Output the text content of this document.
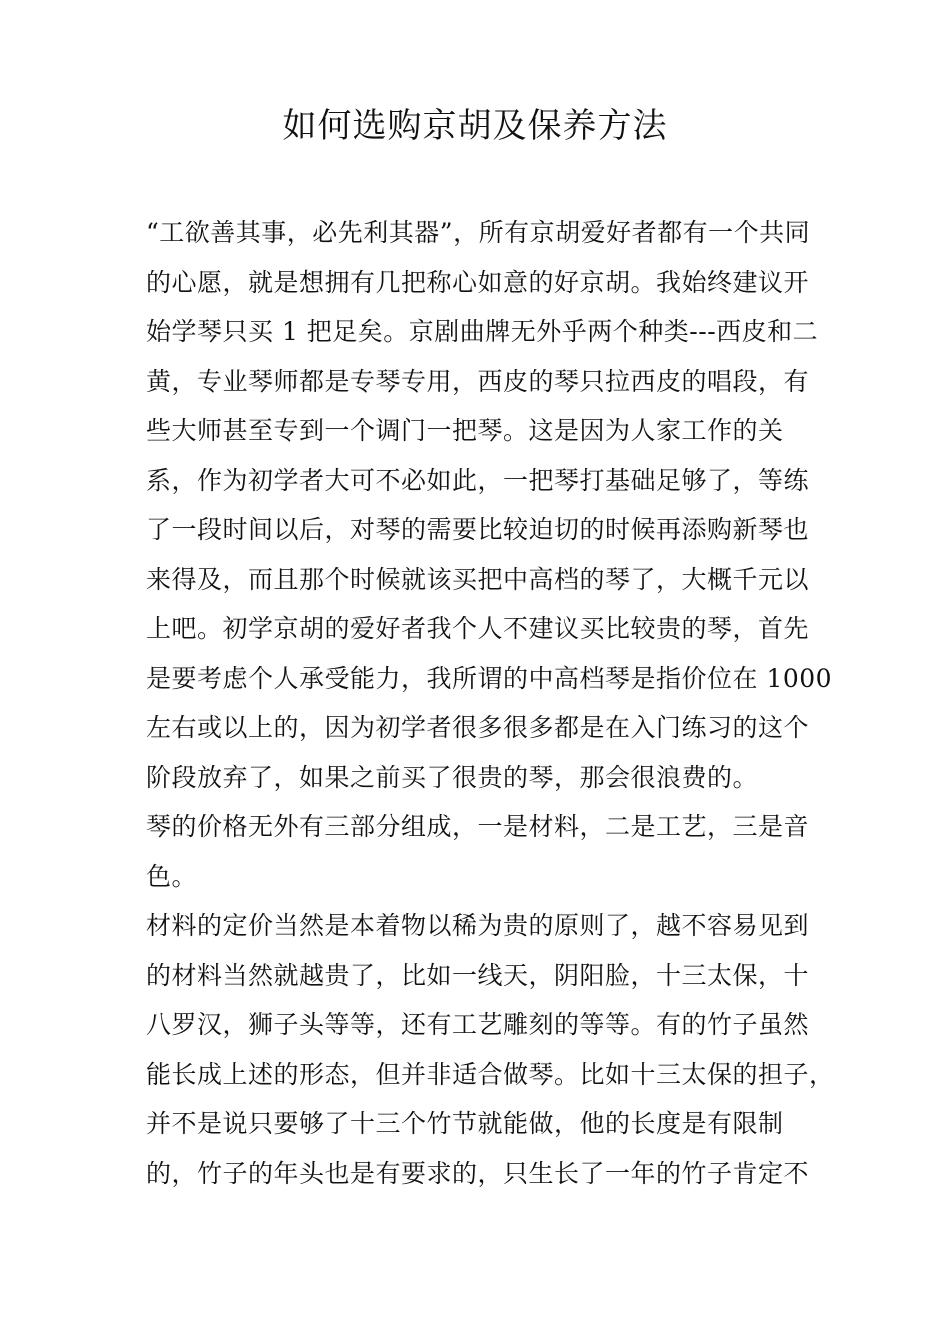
如何选购京胡及保养方法
“工欲善其事，必先利其器”，所有京胡爱好者都有一个共同
的心愿，就是想拥有几把称心如意的好京胡。我始终建议开
始学琴只买 1 把足矣。京剧曲牌无外乎两个种类---西皮和二
黄，专业琴师都是专琴专用，西皮的琴只拉西皮的唱段，有
些大师甚至专到一个调门一把琴。这是因为人家工作的关
系，作为初学者大可不必如此，一把琴打基础足够了，等练
了一段时间以后，对琴的需要比较迫切的时候再添购新琴也
来得及，而且那个时候就该买把中高档的琴了，大概千元以
上吧。初学京胡的爱好者我个人不建议买比较贵的琴，首先
是要考虑个人承受能力，我所谓的中高档琴是指价位在 1000
左右或以上的，因为初学者很多很多都是在入门练习的这个
阶段放弃了，如果之前买了很贵的琴，那会很浪费的。
琴的价格无外有三部分组成，一是材料，二是工艺，三是音
色。
材料的定价当然是本着物以稀为贵的原则了，越不容易见到
的材料当然就越贵了，比如一线天，阴阳脸，十三太保，十
八罗汉，狮子头等等，还有工艺雕刻的等等。有的竹子虽然
能长成上述的形态，但并非适合做琴。比如十三太保的担子，
并不是说只要够了十三个竹节就能做，他的长度是有限制
的，竹子的年头也是有要求的，只生长了一年的竹子肯定不
